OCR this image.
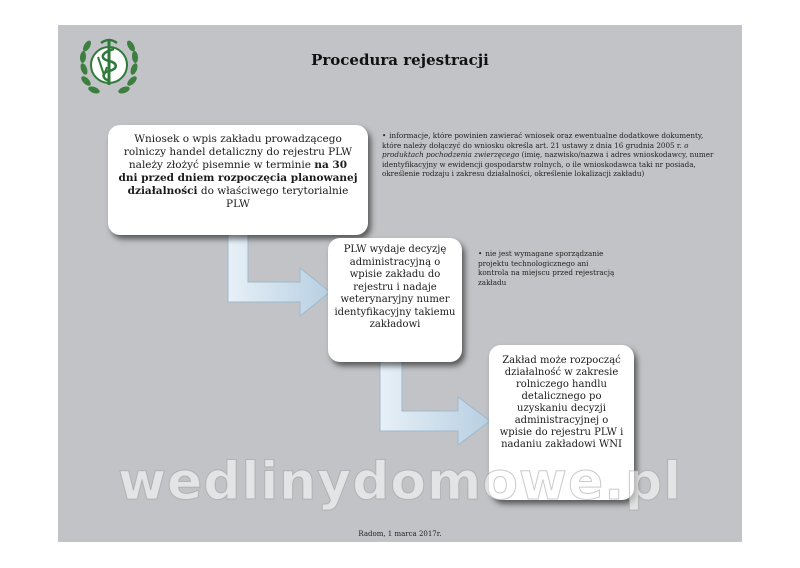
Procedura rejestracji
Wniosek o wpis zakładu prowadzącego rolniczy handel detaliczny do rejestru PLW należy złożyć pisemnie w terminie na 30 dni przed dniem rozpoczęcia planowanej działalności do właściwego terytorialnie PLW
• informacje, które powinien zawierać wniosek oraz ewentualne dodatkowe dokumenty, które należy dołączyć do wniosku określa art. 21 ustawy z dnia 16 grudnia 2005 r. o produktach pochodzenia zwierzęcego (imię, nazwisko/nazwa i adres wnioskodawcy, numer identyfikacyjny w ewidencji gospodarstw rolnych, o ile wnioskodawca taki nr posiada, określenie rodzaju i zakresu działalności, określenie lokalizacji zakładu)
PLW wydaje decyzję administracyjną o wpisie zakładu do rejestru i nadaje weterynaryjny numer identyfikacyjny takiemu zakładowi
• nie jest wymagane sporządzanie projektu technologicznego ani kontrola na miejscu przed rejestracją zakładu
Zakład może rozpocząć działalność w zakresie rolniczego handlu detalicznego po uzyskaniu decyzji administracyjnej o wpisie do rejestru PLW i nadaniu zakładowi WNI
Radom, 1 marca 2017r.
wedlinydomowe.pl
